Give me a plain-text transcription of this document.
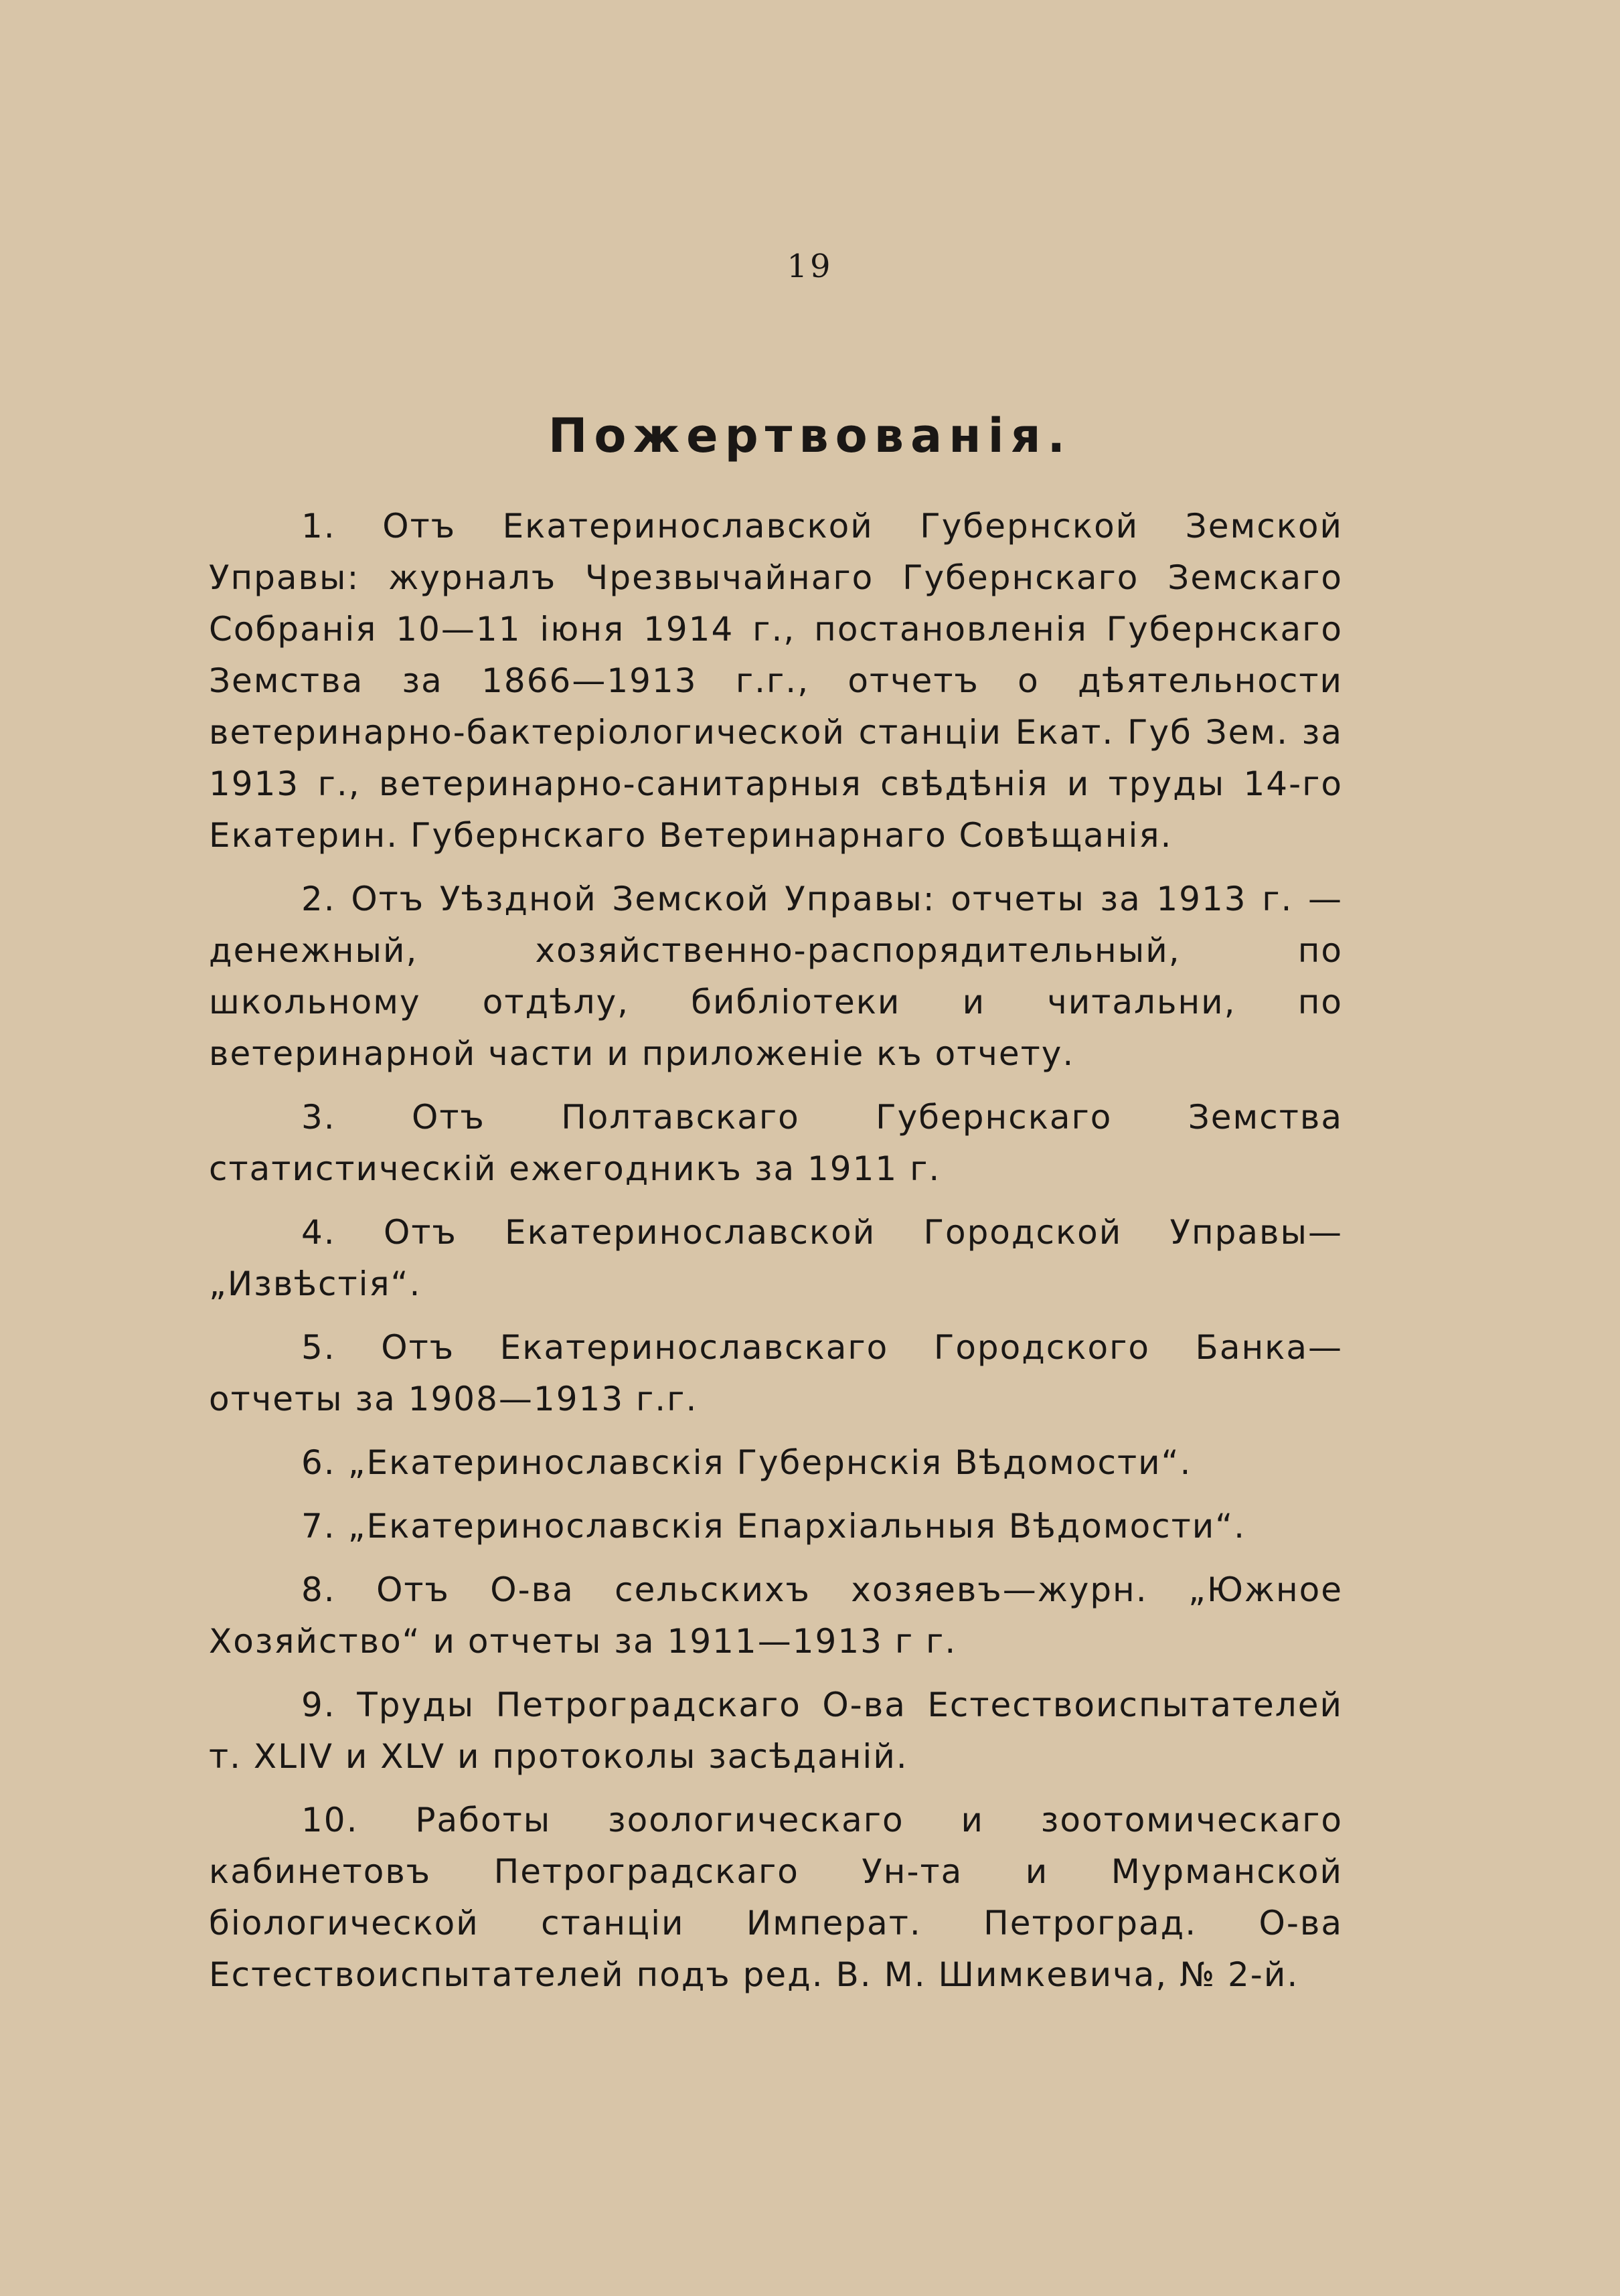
19
Пожертвованія.

1. Отъ Екатеринославской Губернской Земской Управы: журналъ Чрезвычайнаго Губернскаго Земскаго Собранія 10—11 іюня 1914 г., постановленія Губернскаго Земства за 1866—1913 г.г., отчетъ о дѣятельности ветеринарно-бактеріологической станціи Екат. Губ Зем. за 1913 г., ветеринарно-санитарныя свѣдѣнія и труды 14-го Екатерин. Губернскаго Ветеринарнаго Совѣщанія.

2. Отъ Уѣздной Земской Управы: отчеты за 1913 г. — денежный, хозяйственно-распорядительный, по школьному отдѣлу, библіотеки и читальни, по ветеринарной части и приложеніе къ отчету.

3. Отъ Полтавскаго Губернскаго Земства статистическій ежегодникъ за 1911 г.

4. Отъ Екатеринославской Городской Управы— „Извѣстія“.

5. Отъ Екатеринославскаго Городского Банка— отчеты за 1908—1913 г.г.

6. „Екатеринославскія Губернскія Вѣдомости“.

7. „Екатеринославскія Епархіальныя Вѣдомости“.

8. Отъ О-ва сельскихъ хозяевъ—журн. „Южное Хозяйство“ и отчеты за 1911—1913 г г.

9. Труды Петроградскаго О-ва Естествоиспытателей т. XLIV и XLV и протоколы засѣданій.

10. Работы зоологическаго и зоотомическаго кабинетовъ Петроградскаго Ун-та и Мурманской біологической станціи Императ. Петроград. О-ва Естествоиспытателей подъ ред. В. М. Шимкевича, № 2-й.
